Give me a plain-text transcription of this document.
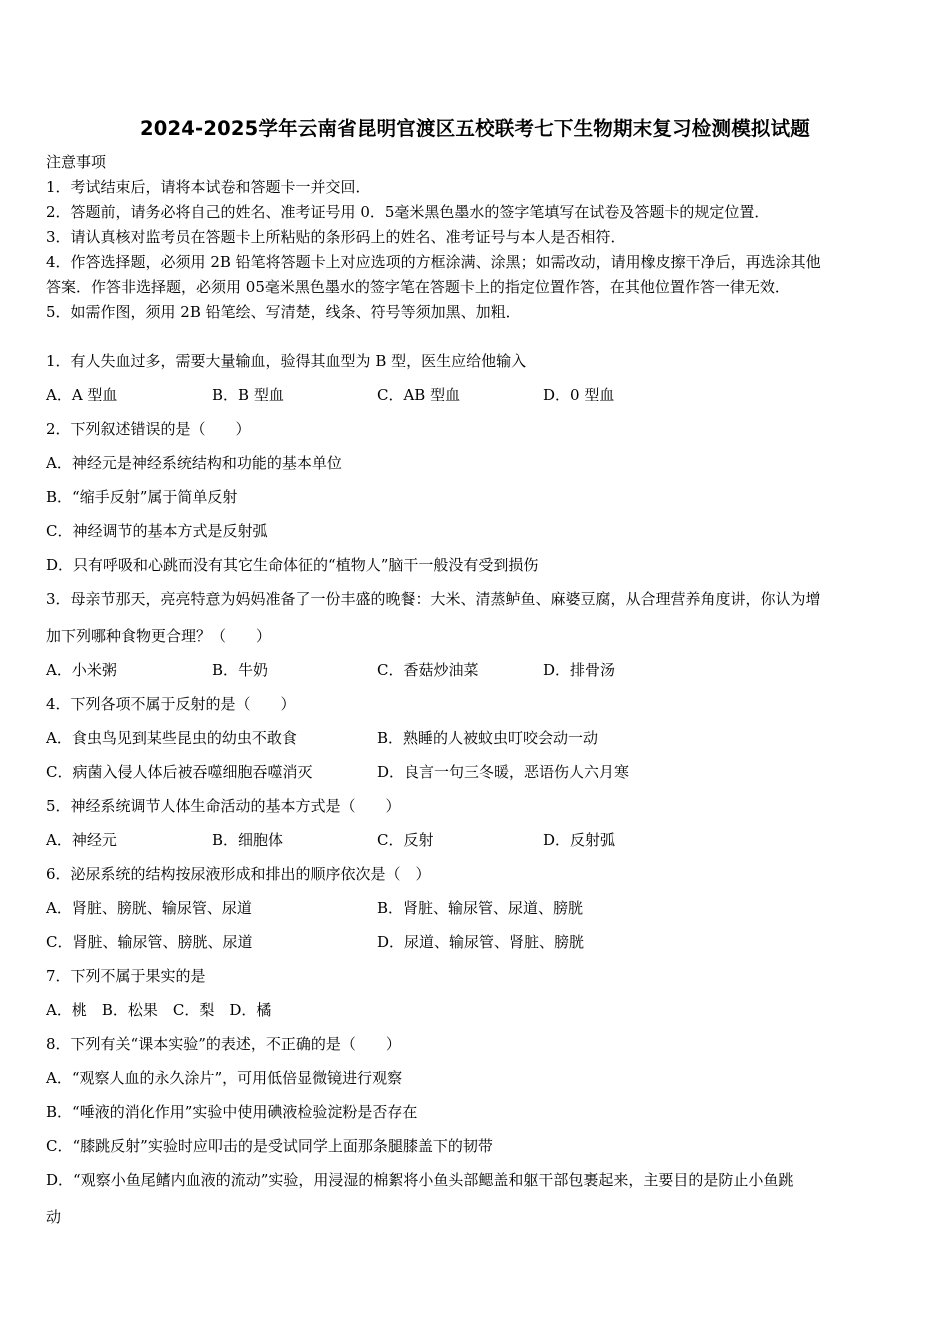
2024-2025学年云南省昆明官渡区五校联考七下生物期末复习检测模拟试题
注意事项
1．考试结束后，请将本试卷和答题卡一并交回．
2．答题前，请务必将自己的姓名、准考证号用 0．5毫米黑色墨水的签字笔填写在试卷及答题卡的规定位置．
3．请认真核对监考员在答题卡上所粘贴的条形码上的姓名、准考证号与本人是否相符．
4．作答选择题，必须用 2B 铅笔将答题卡上对应选项的方框涂满、涂黑；如需改动，请用橡皮擦干净后，再选涂其他
答案．作答非选择题，必须用 05毫米黑色墨水的签字笔在答题卡上的指定位置作答，在其他位置作答一律无效．
5．如需作图，须用 2B 铅笔绘、写清楚，线条、符号等须加黑、加粗．
1．有人失血过多，需要大量输血，验得其血型为 B 型，医生应给他输入
A．A 型血	B．B 型血	C．AB 型血	D．0 型血
2．下列叙述错误的是（　　）
A．神经元是神经系统结构和功能的基本单位
B．“缩手反射”属于简单反射
C．神经调节的基本方式是反射弧
D．只有呼吸和心跳而没有其它生命体征的“植物人”脑干一般没有受到损伤
3．母亲节那天，亮亮特意为妈妈准备了一份丰盛的晚餐：大米、清蒸鲈鱼、麻婆豆腐，从合理营养角度讲，你认为增
加下列哪种食物更合理？（　　）
A．小米粥	B．牛奶	C．香菇炒油菜	D．排骨汤
4．下列各项不属于反射的是（　　）
A．食虫鸟见到某些昆虫的幼虫不敢食	B．熟睡的人被蚊虫叮咬会动一动
C．病菌入侵人体后被吞噬细胞吞噬消灭	D．良言一句三冬暖，恶语伤人六月寒
5．神经系统调节人体生命活动的基本方式是（　　）
A．神经元	B．细胞体	C．反射	D．反射弧
6．泌尿系统的结构按尿液形成和排出的顺序依次是（　）
A．肾脏、膀胱、输尿管、尿道	B．肾脏、输尿管、尿道、膀胱
C．肾脏、输尿管、膀胱、尿道	D．尿道、输尿管、肾脏、膀胱
7．下列不属于果实的是
A．桃　B．松果　C．梨　D．橘
8．下列有关“课本实验”的表述，不正确的是（　　）
A．“观察人血的永久涂片”，可用低倍显微镜进行观察
B．“唾液的消化作用”实验中使用碘液检验淀粉是否存在
C．“膝跳反射”实验时应叩击的是受试同学上面那条腿膝盖下的韧带
D．“观察小鱼尾鳍内血液的流动”实验，用浸湿的棉絮将小鱼头部鳃盖和躯干部包裹起来，主要目的是防止小鱼跳
动
